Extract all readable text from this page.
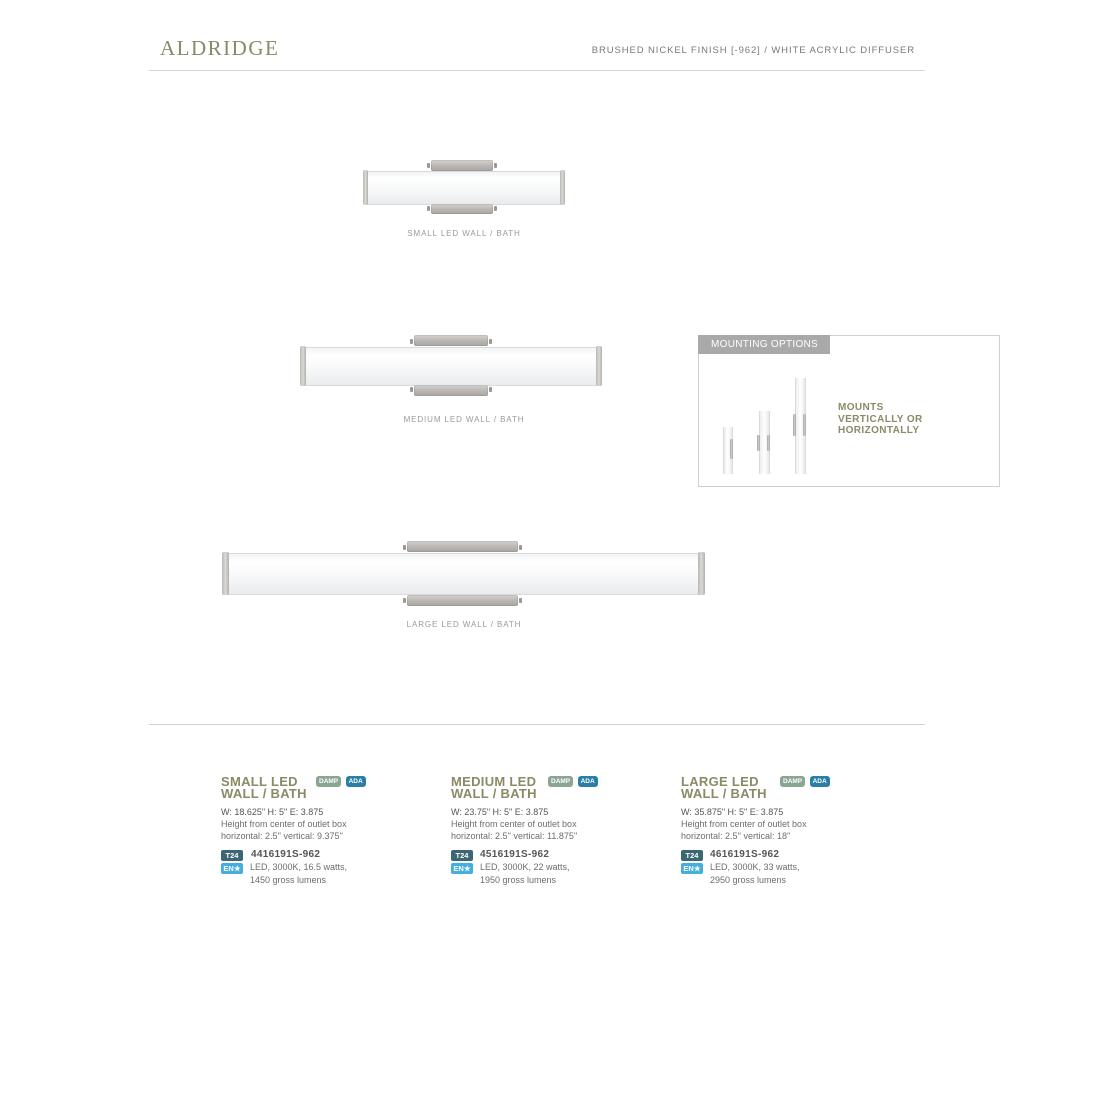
ALDRIDGE	BRUSHED NICKEL FINISH [-962] / WHITE ACRYLIC DIFFUSER
SMALL LED WALL / BATH
MEDIUM LED WALL / BATH
LARGE LED WALL / BATH
MOUNTING OPTIONS
MOUNTS
VERTICALLY OR
HORIZONTALLY
SMALL LED
WALL / BATH
DAMP ADA
W: 18.625" H: 5" E: 3.875
Height from center of outlet box
horizontal: 2.5'' vertical: 9.375''
T24
EN★
4416191S-962
LED, 3000K, 16.5 watts,
1450 gross lumens
MEDIUM LED
WALL / BATH
DAMP ADA
W: 23.75" H: 5" E: 3.875
Height from center of outlet box
horizontal: 2.5'' vertical: 11.875''
T24
EN★
4516191S-962
LED, 3000K, 22 watts,
1950 gross lumens
LARGE LED
WALL / BATH
DAMP ADA
W: 35.875" H: 5" E: 3.875
Height from center of outlet box
horizontal: 2.5'' vertical: 18''
T24
EN★
4616191S-962
LED, 3000K, 33 watts,
2950 gross lumens
